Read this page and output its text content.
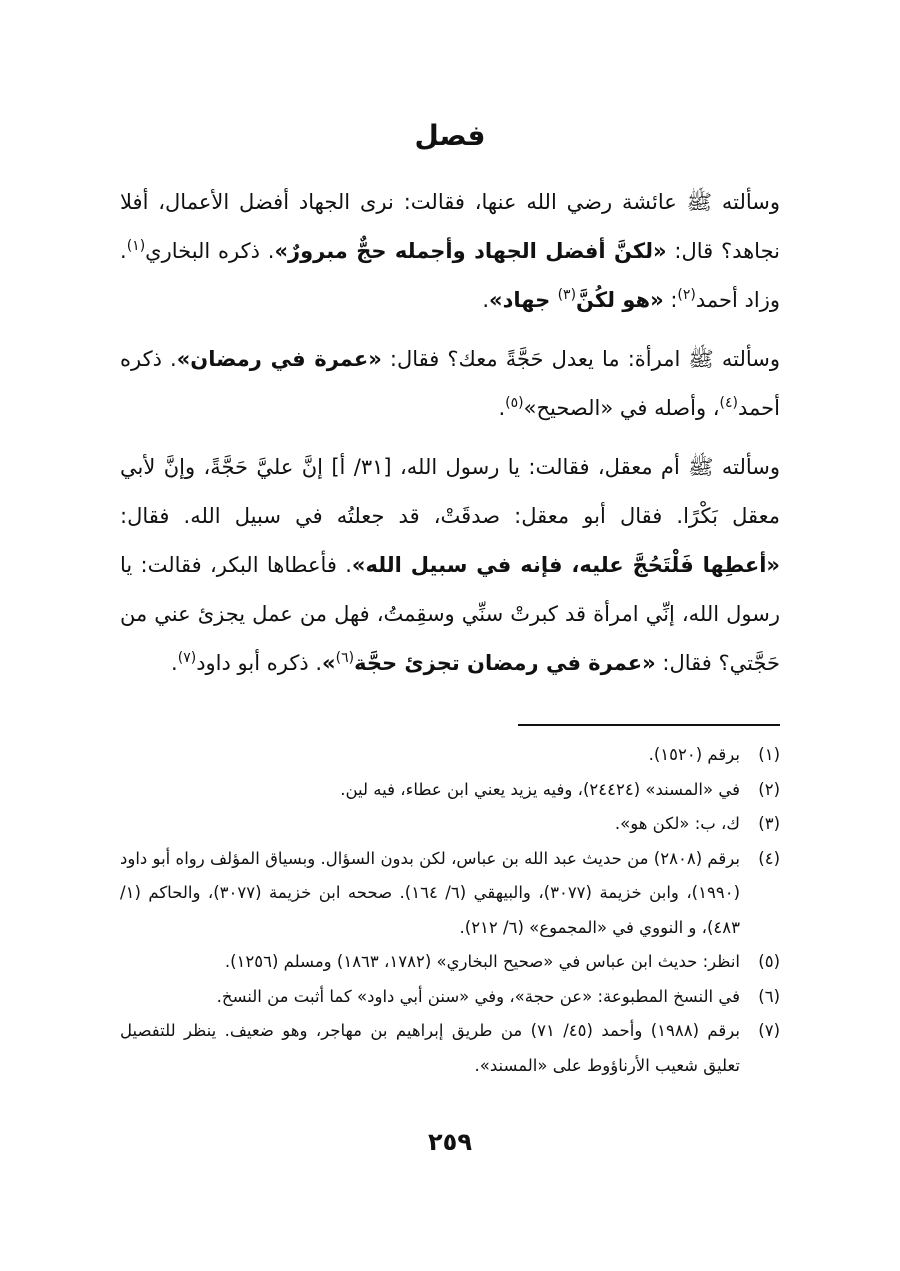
فصل

وسألته ﷺ عائشة رضي الله عنها، فقالت: نرى الجهاد أفضل الأعمال، أفلا نجاهد؟ قال: «لكنَّ أفضل الجهاد وأجمله حجٌّ مبرورٌ». ذكره البخاري$^{(١)}$. وزاد أحمد$^{(٢)}$: «هو لكُنَّ$^{(٣)}$ جهاد».

وسألته ﷺ امرأة: ما يعدل حَجَّةً معك؟ فقال: «عمرة في رمضان». ذكره أحمد$^{(٤)}$، وأصله في «الصحيح»$^{(٥)}$.

وسألته ﷺ أم معقل، فقالت: يا رسول الله، [٣١/ أ] إنَّ عليَّ حَجَّةً، وإنَّ لأبي معقل بَكْرًا. فقال أبو معقل: صدقَتْ، قد جعلتُه في سبيل الله. فقال: «أعطِها فَلْتَحُجَّ عليه، فإنه في سبيل الله». فأعطاها البكر، فقالت: يا رسول الله، إنِّي امرأة قد كبرتْ سنِّي وسقِمتُ، فهل من عمل يجزئ عني من حَجَّتي؟ فقال: «عمرة في رمضان تجزئ حجَّة$^{(٦)}$». ذكره أبو داود$^{(٧)}$.

(١)
برقم (١٥٢٠).
(٢)
في «المسند» (٢٤٤٢٤)، وفيه يزيد يعني ابن عطاء، فيه لين.
(٣)
ك، ب: «لكن هو».
(٤)
برقم (٢٨٠٨) من حديث عبد الله بن عباس، لكن بدون السؤال. وبسياق المؤلف رواه أبو داود (١٩٩٠)، وابن خزيمة (٣٠٧٧)، والبيهقي (٦/ ١٦٤). صححه ابن خزيمة (٣٠٧٧)، والحاكم (١/ ٤٨٣)، و النووي في «المجموع» (٦/ ٢١٢).
(٥)
انظر: حديث ابن عباس في «صحيح البخاري» (١٧٨٢، ١٨٦٣) ومسلم (١٢٥٦).
(٦)
في النسخ المطبوعة: «عن حجة»، وفي «سنن أبي داود» كما أثبت من النسخ.
(٧)
برقم (١٩٨٨) وأحمد (٤٥/ ٧١) من طريق إبراهيم بن مهاجر، وهو ضعيف. ينظر للتفصيل تعليق شعيب الأرناؤوط على «المسند».
٢٥٩
